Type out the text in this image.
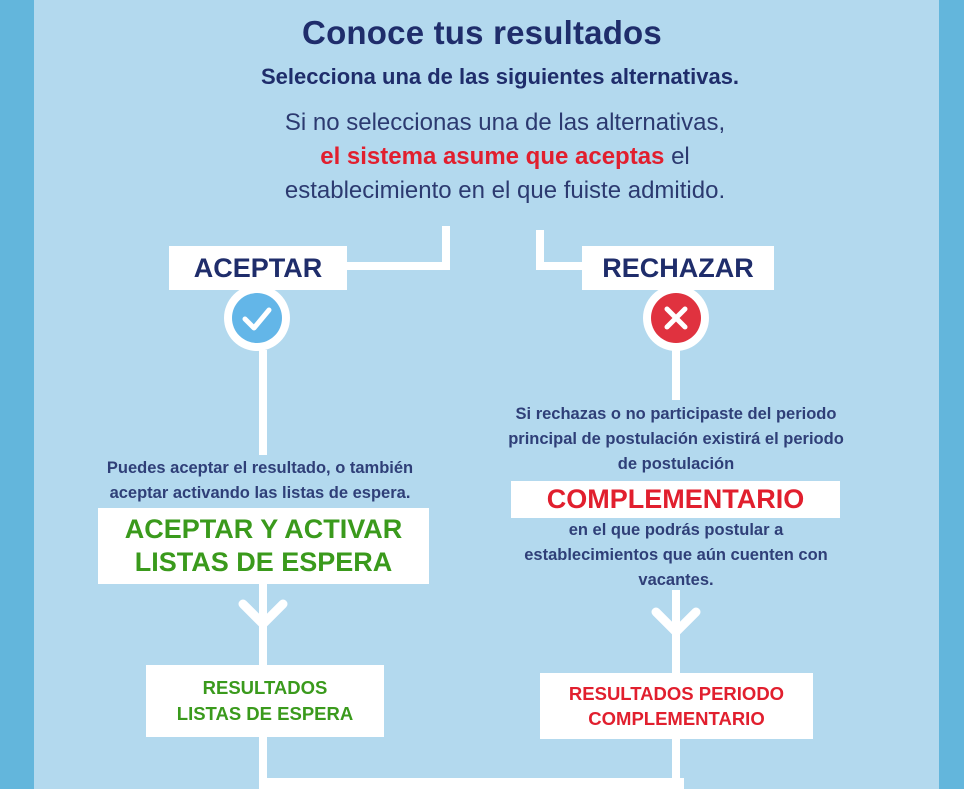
Conoce tus resultados
Selecciona una de las siguientes alternativas.
Si no seleccionas una de las alternativas,
el sistema asume que aceptas el
establecimiento en el que fuiste admitido.
ACEPTAR
Puedes aceptar el resultado, o también
aceptar activando las listas de espera.
ACEPTAR Y ACTIVAR
LISTAS DE ESPERA
RESULTADOS
LISTAS DE ESPERA
RECHAZAR
Si rechazas o no participaste del periodo
principal de postulación existirá el periodo
de postulación
COMPLEMENTARIO
en el que podrás postular a
establecimientos que aún cuenten con
vacantes.
RESULTADOS PERIODO
COMPLEMENTARIO
